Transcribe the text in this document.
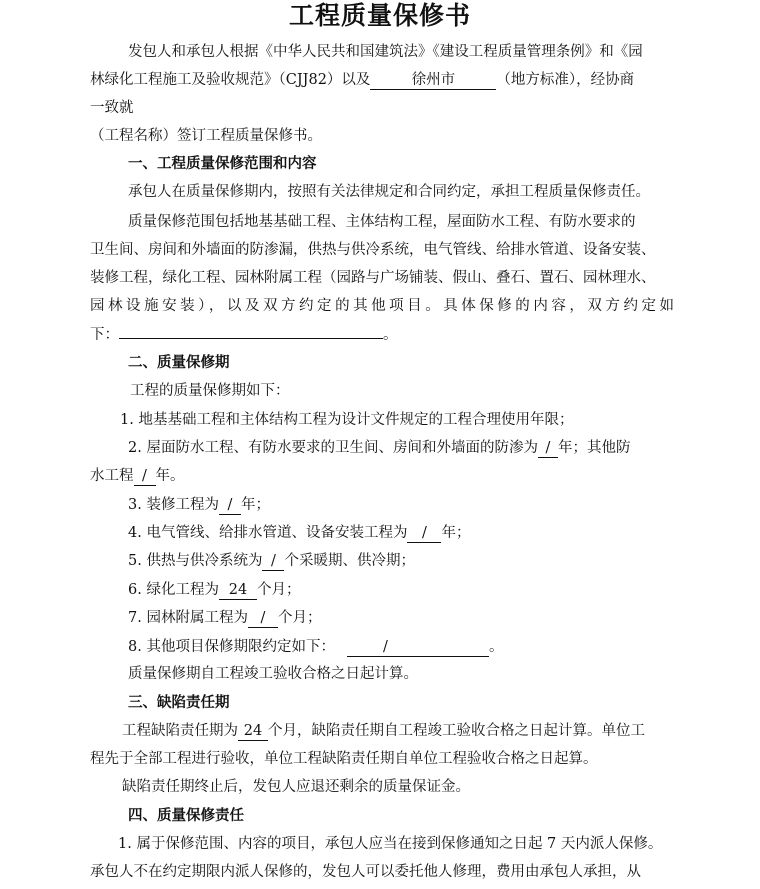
工程质量保修书
发包人和承包人根据《中华人民共和国建筑法》《建设工程质量管理条例》和《园
林绿化工程施工及验收规范》（CJJ82）以及	徐州市	（地方标准），经协商
一致就
（工程名称）签订工程质量保修书。
一、工程质量保修范围和内容
承包人在质量保修期内，按照有关法律规定和合同约定，承担工程质量保修责任。
质量保修范围包括地基基础工程、主体结构工程，屋面防水工程、有防水要求的
卫生间、房间和外墙面的防渗漏，供热与供冷系统，电气管线、给排水管道、设备安装、
装修工程，绿化工程、园林附属工程（园路与广场铺装、假山、叠石、置石、园林理水、
园林设施安装），以及双方约定的其他项目。具体保修的内容，双方约定如
下：	。
二、质量保修期
工程的质量保修期如下：
1. 地基基础工程和主体结构工程为设计文件规定的工程合理使用年限；
2. 屋面防水工程、有防水要求的卫生间、房间和外墙面的防渗为 / 年；其他防
水工程 / 年。
3. 装修工程为 / 年；
4. 电气管线、给排水管道、设备安装工程为 / 年；
5. 供热与供冷系统为 / 个采暖期、供冷期；
6. 绿化工程为 24 个月；
7. 园林附属工程为 / 个月；
8. 其他项目保修期限约定如下：	/	。
质量保修期自工程竣工验收合格之日起计算。
三、缺陷责任期
工程缺陷责任期为 24 个月，缺陷责任期自工程竣工验收合格之日起计算。单位工
程先于全部工程进行验收，单位工程缺陷责任期自单位工程验收合格之日起算。
缺陷责任期终止后，发包人应退还剩余的质量保证金。
四、质量保修责任
1. 属于保修范围、内容的项目，承包人应当在接到保修通知之日起 7 天内派人保修。
承包人不在约定期限内派人保修的，发包人可以委托他人修理，费用由承包人承担，从
